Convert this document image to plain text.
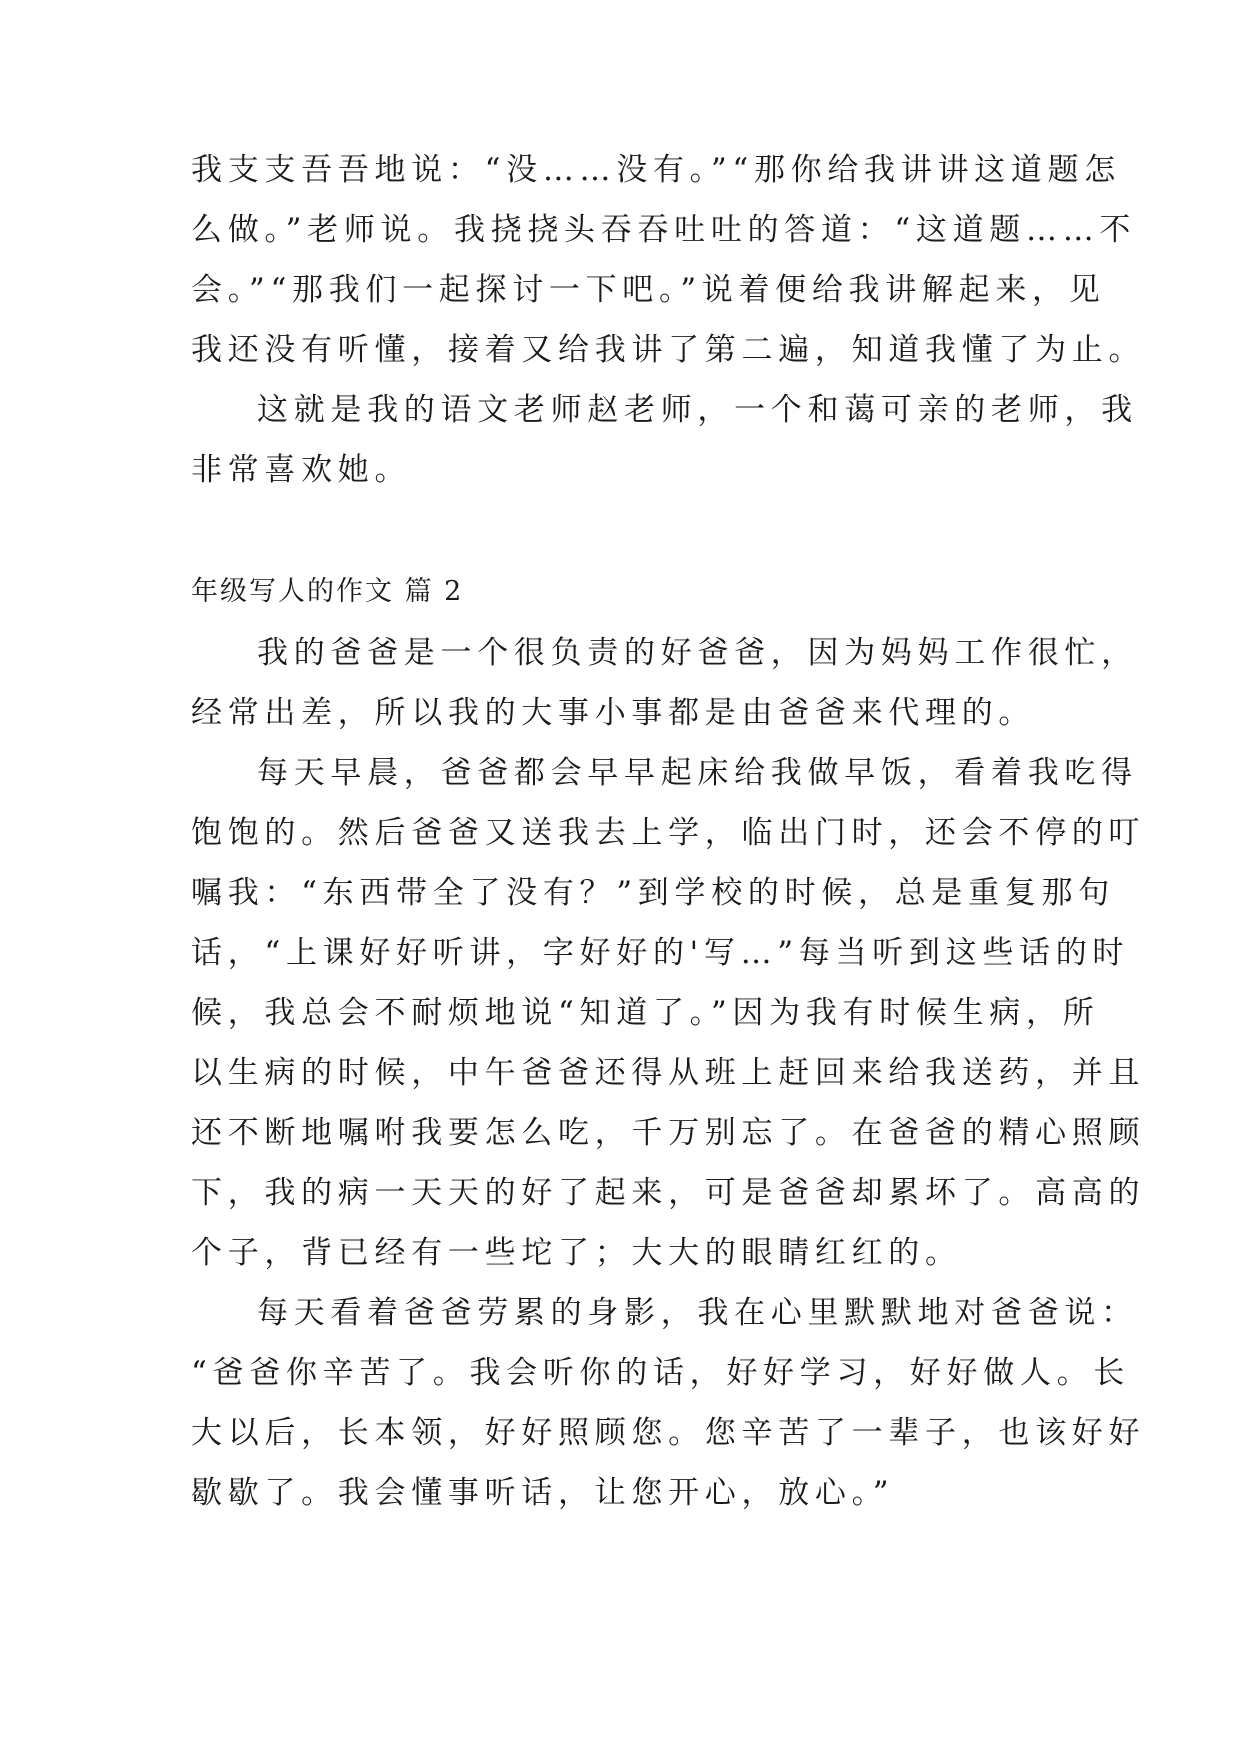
我支支吾吾地说：“没……没有。”“那你给我讲讲这道题怎
么做。”老师说。我挠挠头吞吞吐吐的答道：“这道题……不
会。”“那我们一起探讨一下吧。”说着便给我讲解起来，见
我还没有听懂，接着又给我讲了第二遍，知道我懂了为止。
这就是我的语文老师赵老师，一个和蔼可亲的老师，我
非常喜欢她。
年级写人的作文 篇 2
我的爸爸是一个很负责的好爸爸，因为妈妈工作很忙，
经常出差，所以我的大事小事都是由爸爸来代理的。
每天早晨，爸爸都会早早起床给我做早饭，看着我吃得
饱饱的。然后爸爸又送我去上学，临出门时，还会不停的叮
嘱我：“东西带全了没有？”到学校的时候，总是重复那句
话，“上课好好听讲，字好好的'写…”每当听到这些话的时
候，我总会不耐烦地说“知道了。”因为我有时候生病，所
以生病的时候，中午爸爸还得从班上赶回来给我送药，并且
还不断地嘱咐我要怎么吃，千万别忘了。在爸爸的精心照顾
下，我的病一天天的好了起来，可是爸爸却累坏了。高高的
个子，背已经有一些坨了；大大的眼睛红红的。
每天看着爸爸劳累的身影，我在心里默默地对爸爸说：
“爸爸你辛苦了。我会听你的话，好好学习，好好做人。长
大以后，长本领，好好照顾您。您辛苦了一辈子，也该好好
歇歇了。我会懂事听话，让您开心，放心。”
